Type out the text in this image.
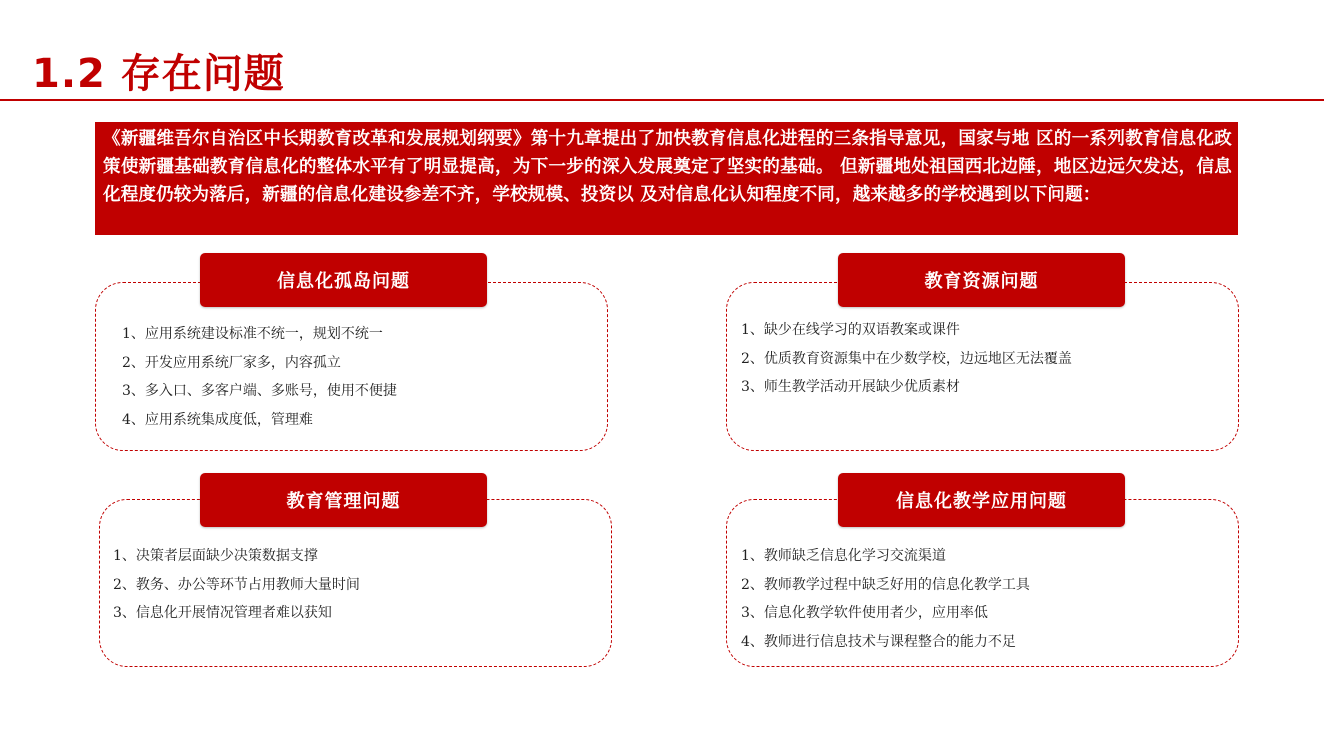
1.2 存在问题
《新疆维吾尔自治区中长期教育改革和发展规划纲要》第十九章提出了加快教育信息化进程的三条指导意见，国家与地 区的一系列教育信息化政策使新疆基础教育信息化的整体水平有了明显提高，为下一步的深入发展奠定了坚实的基础。 但新疆地处祖国西北边陲，地区边远欠发达，信息化程度仍较为落后，新疆的信息化建设参差不齐，学校规模、投资以 及对信息化认知程度不同，越来越多的学校遇到以下问题：
信息化孤岛问题
1、应用系统建设标准不统一，规划不统一
2、开发应用系统厂家多，内容孤立
3、多入口、多客户端、多账号，使用不便捷
4、应用系统集成度低，管理难
教育资源问题
1、缺少在线学习的双语教案或课件
2、优质教育资源集中在少数学校，边远地区无法覆盖
3、师生教学活动开展缺少优质素材
教育管理问题
1、决策者层面缺少决策数据支撑
2、教务、办公等环节占用教师大量时间
3、信息化开展情况管理者难以获知
信息化教学应用问题
1、教师缺乏信息化学习交流渠道
2、教师教学过程中缺乏好用的信息化教学工具
3、信息化教学软件使用者少，应用率低
4、教师进行信息技术与课程整合的能力不足
